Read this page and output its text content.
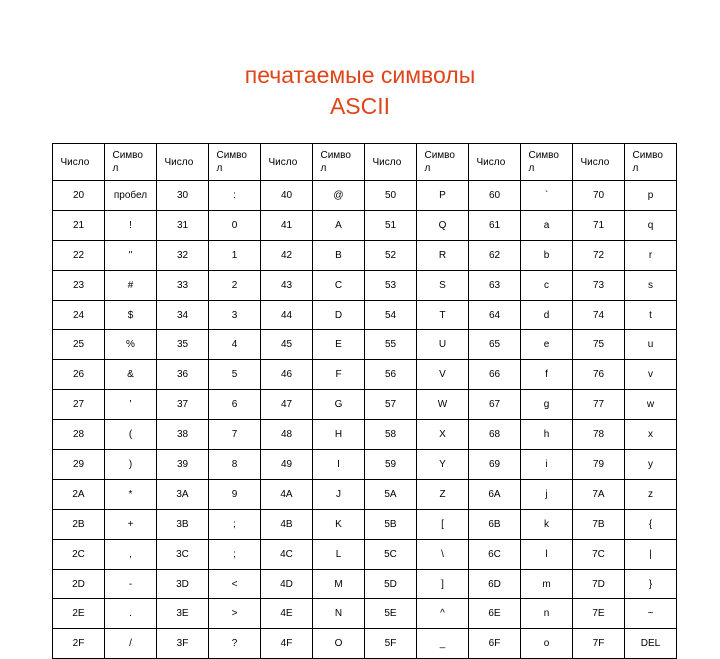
печатаемые символы
ASCII
Число	Символ	Число	Символ	Число	Символ	Число	Символ	Число	Символ	Число	Символ

20	пробел	30	:	40	@	50	P	60	`	70	p
21	!	31	0	41	A	51	Q	61	a	71	q
22	"	32	1	42	B	52	R	62	b	72	r
23	#	33	2	43	C	53	S	63	c	73	s
24	$	34	3	44	D	54	T	64	d	74	t
25	%	35	4	45	E	55	U	65	e	75	u
26	&	36	5	46	F	56	V	66	f	76	v
27	'	37	6	47	G	57	W	67	g	77	w
28	(	38	7	48	H	58	X	68	h	78	x
29	)	39	8	49	I	59	Y	69	i	79	y
2A	*	3A	9	4A	J	5A	Z	6A	j	7A	z
2B	+	3B	;	4B	K	5B	[	6B	k	7B	{
2C	,	3C	;	4C	L	5C	\	6C	l	7C	|
2D	-	3D	<	4D	M	5D	]	6D	m	7D	}
2E	.	3E	>	4E	N	5E	^	6E	n	7E	~
2F	/	3F	?	4F	O	5F	_	6F	o	7F	DEL
